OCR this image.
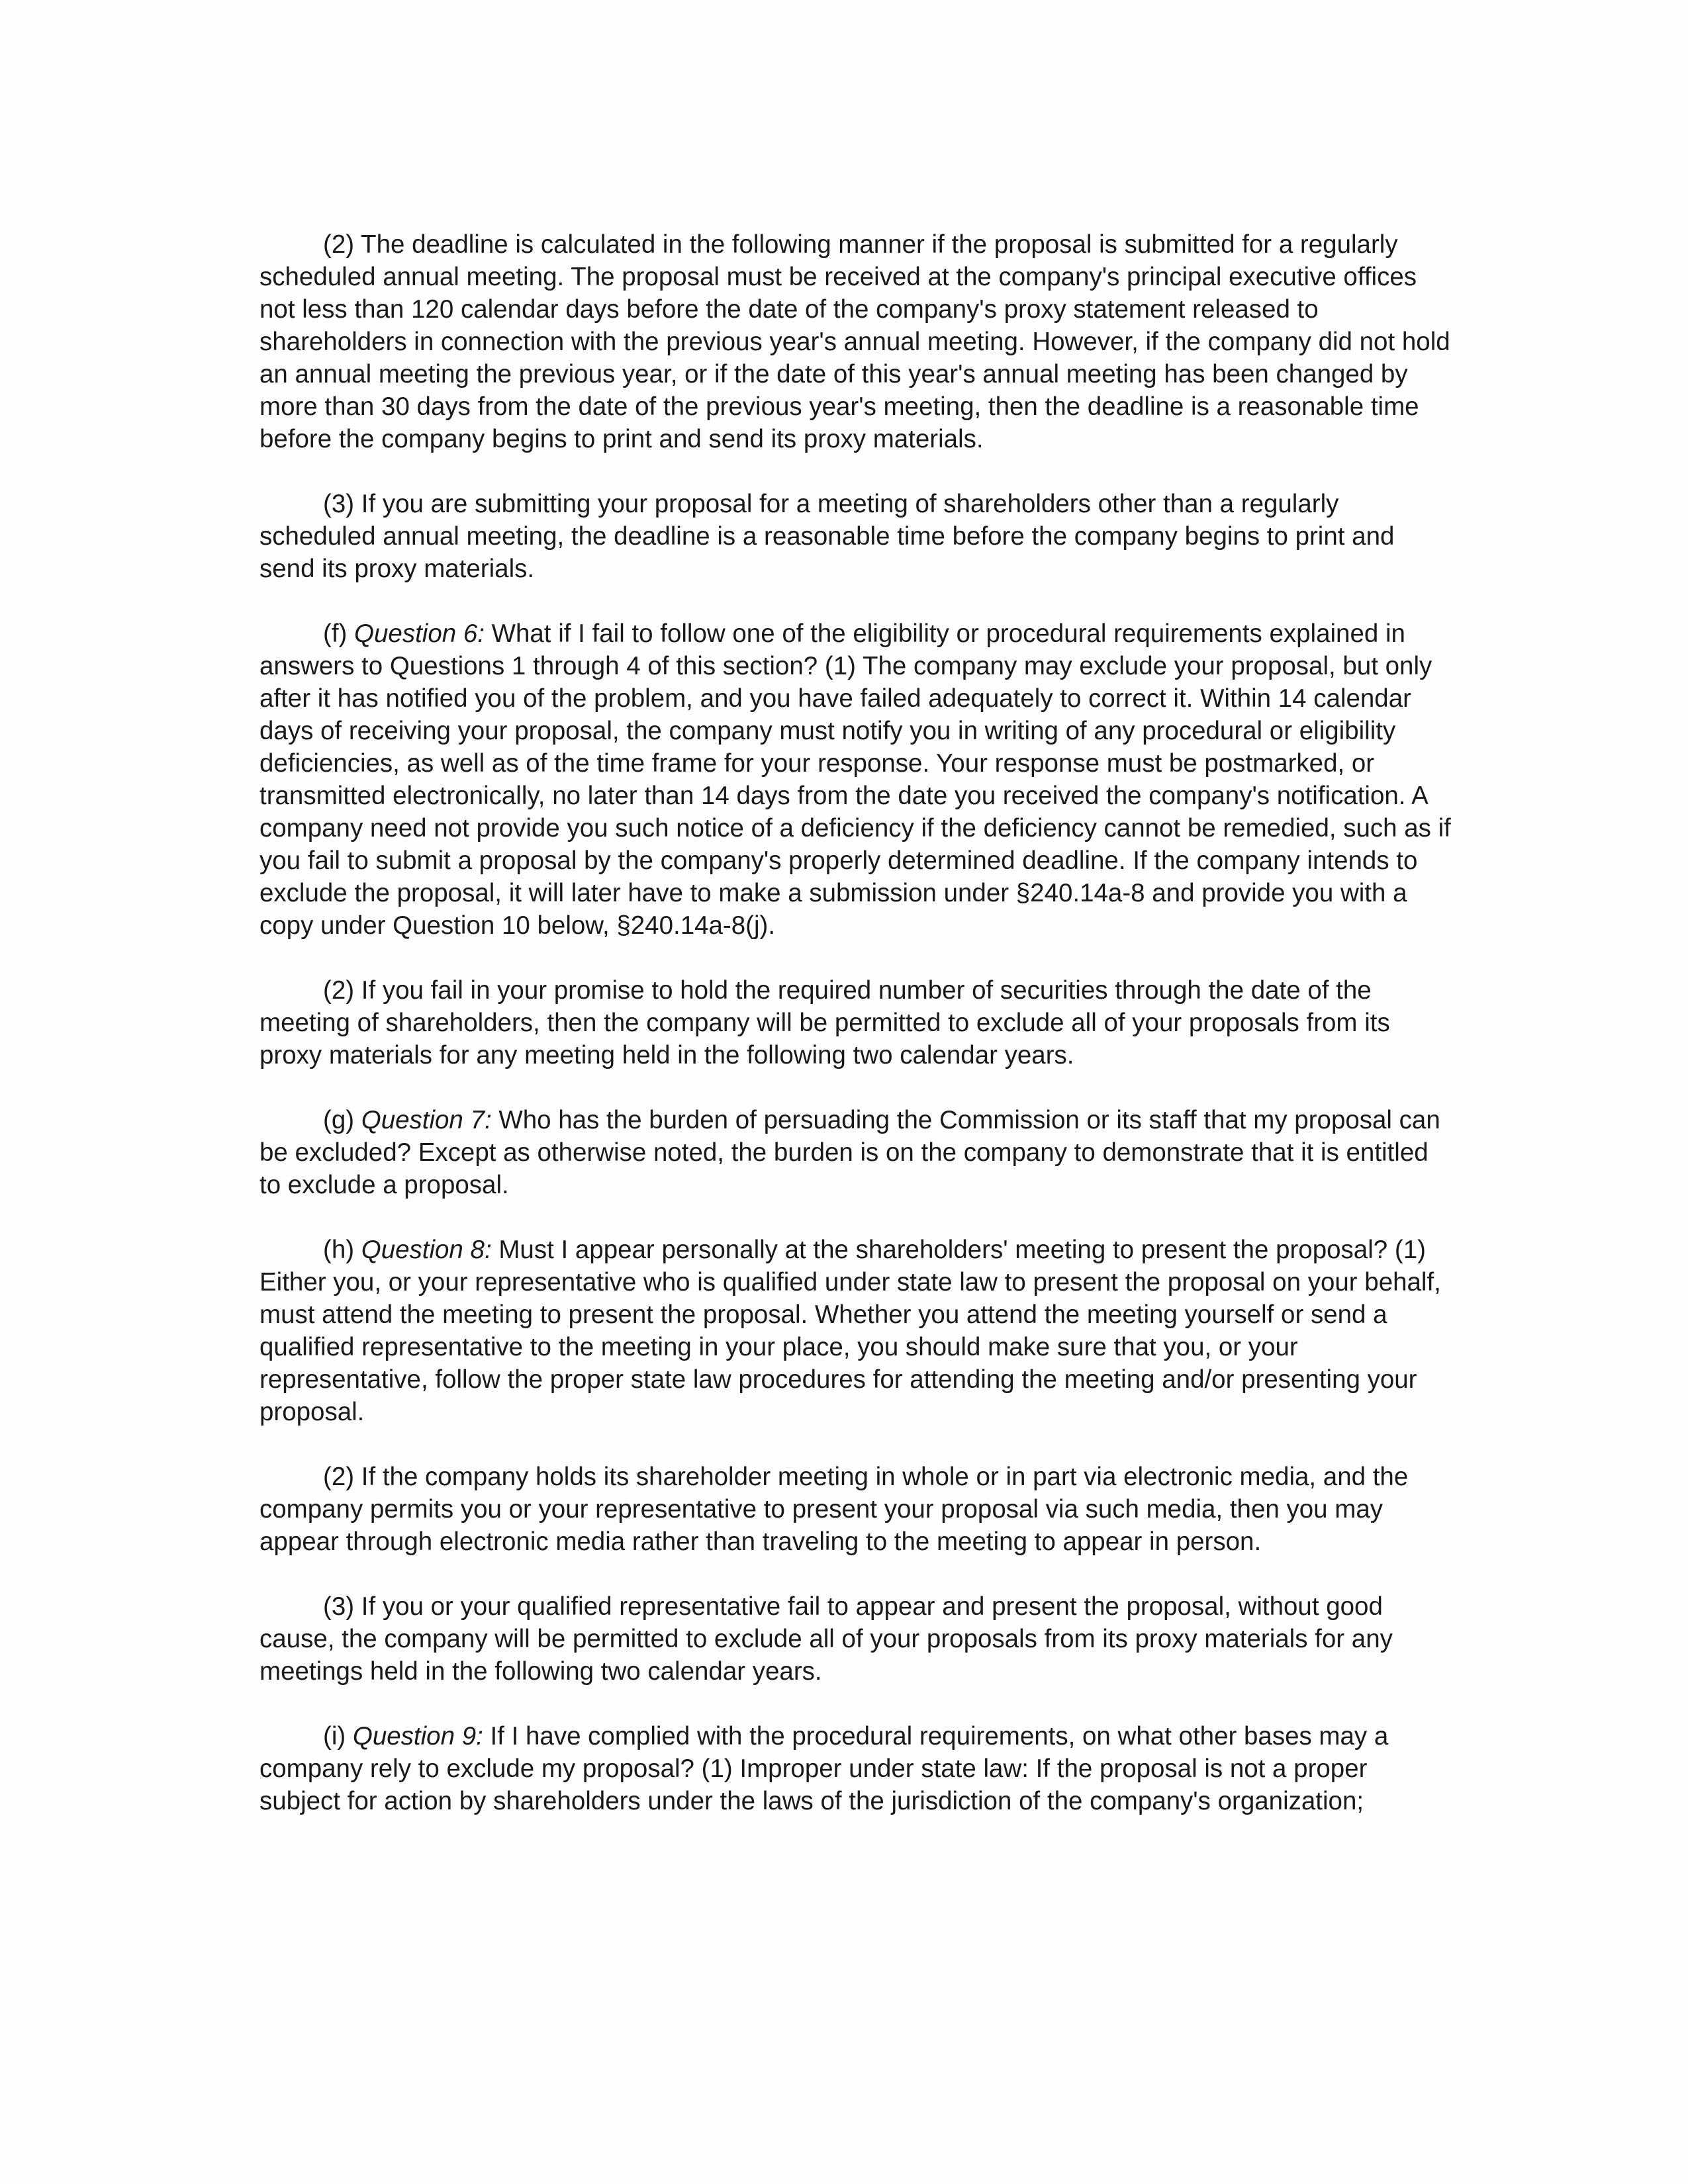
(2) The deadline is calculated in the following manner if the proposal is submitted for a regularly scheduled annual meeting. The proposal must be received at the company's principal executive offices not less than 120 calendar days before the date of the company's proxy statement released to shareholders in connection with the previous year's annual meeting. However, if the company did not hold an annual meeting the previous year, or if the date of this year's annual meeting has been changed by more than 30 days from the date of the previous year's meeting, then the deadline is a reasonable time before the company begins to print and send its proxy materials.

(3) If you are submitting your proposal for a meeting of shareholders other than a regularly scheduled annual meeting, the deadline is a reasonable time before the company begins to print and send its proxy materials.

(f) Question 6: What if I fail to follow one of the eligibility or procedural requirements explained in answers to Questions 1 through 4 of this section? (1) The company may exclude your proposal, but only after it has notified you of the problem, and you have failed adequately to correct it. Within 14 calendar days of receiving your proposal, the company must notify you in writing of any procedural or eligibility deficiencies, as well as of the time frame for your response. Your response must be postmarked, or transmitted electronically, no later than 14 days from the date you received the company's notification. A company need not provide you such notice of a deficiency if the deficiency cannot be remedied, such as if you fail to submit a proposal by the company's properly determined deadline. If the company intends to exclude the proposal, it will later have to make a submission under §240.14a-8 and provide you with a copy under Question 10 below, §240.14a-8(j).

(2) If you fail in your promise to hold the required number of securities through the date of the meeting of shareholders, then the company will be permitted to exclude all of your proposals from its proxy materials for any meeting held in the following two calendar years.

(g) Question 7: Who has the burden of persuading the Commission or its staff that my proposal can be excluded? Except as otherwise noted, the burden is on the company to demonstrate that it is entitled to exclude a proposal.

(h) Question 8: Must I appear personally at the shareholders' meeting to present the proposal? (1) Either you, or your representative who is qualified under state law to present the proposal on your behalf, must attend the meeting to present the proposal. Whether you attend the meeting yourself or send a qualified representative to the meeting in your place, you should make sure that you, or your representative, follow the proper state law procedures for attending the meeting and/or presenting your proposal.

(2) If the company holds its shareholder meeting in whole or in part via electronic media, and the company permits you or your representative to present your proposal via such media, then you may appear through electronic media rather than traveling to the meeting to appear in person.

(3) If you or your qualified representative fail to appear and present the proposal, without good cause, the company will be permitted to exclude all of your proposals from its proxy materials for any meetings held in the following two calendar years.

(i) Question 9: If I have complied with the procedural requirements, on what other bases may a company rely to exclude my proposal? (1) Improper under state law: If the proposal is not a proper subject for action by shareholders under the laws of the jurisdiction of the company's organization;
